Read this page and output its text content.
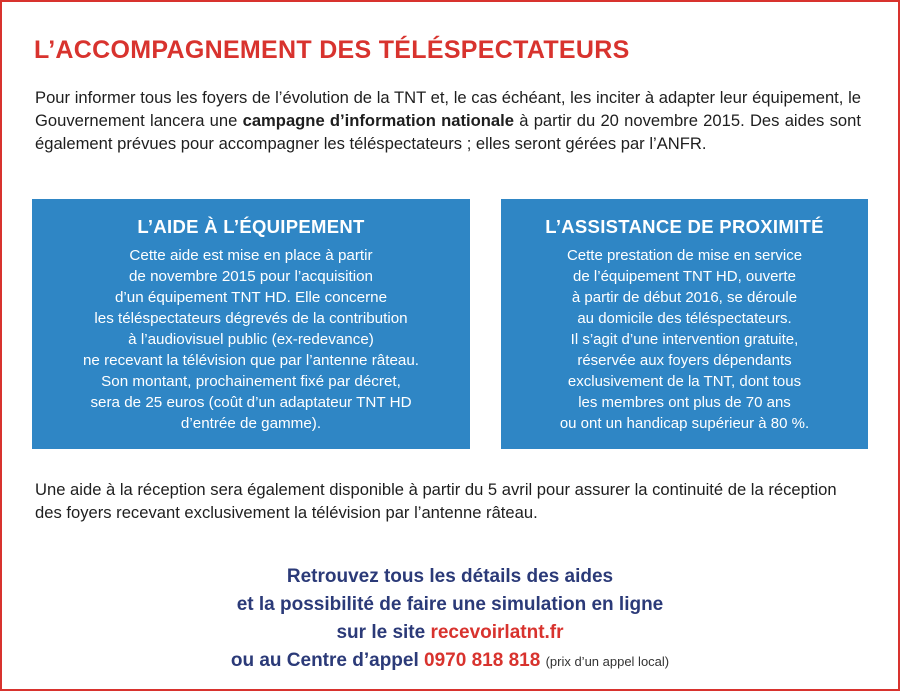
L’ACCOMPAGNEMENT DES TÉLÉSPECTATEURS

Pour informer tous les foyers de l’évolution de la TNT et, le cas échéant, les inciter à adapter leur équipement, le Gouvernement lancera une campagne d’information nationale à partir du 20 novembre 2015. Des aides sont également prévues pour accompagner les téléspectateurs ; elles seront gérées par l’ANFR.

L’AIDE À L’ÉQUIPEMENT
Cette aide est mise en place à partir
de novembre 2015 pour l’acquisition
d’un équipement TNT HD. Elle concerne
les téléspectateurs dégrevés de la contribution
à l’audiovisuel public (ex-redevance)
ne recevant la télévision que par l’antenne râteau.
Son montant, prochainement fixé par décret,
sera de 25 euros (coût d’un adaptateur TNT HD
d’entrée de gamme).
L’ASSISTANCE DE PROXIMITÉ
Cette prestation de mise en service
de l’équipement TNT HD, ouverte
à partir de début 2016, se déroule
au domicile des téléspectateurs.
Il s’agit d’une intervention gratuite,
réservée aux foyers dépendants
exclusivement de la TNT, dont tous
les membres ont plus de 70 ans
ou ont un handicap supérieur à 80 %.

Une aide à la réception sera également disponible à partir du 5 avril pour assurer la continuité de la réception des foyers recevant exclusivement la télévision par l’antenne râteau.

Retrouvez tous les détails des aides
et la possibilité de faire une simulation en ligne
sur le site recevoirlatnt.fr
ou au Centre d’appel 0970 818 818 (prix d’un appel local)
